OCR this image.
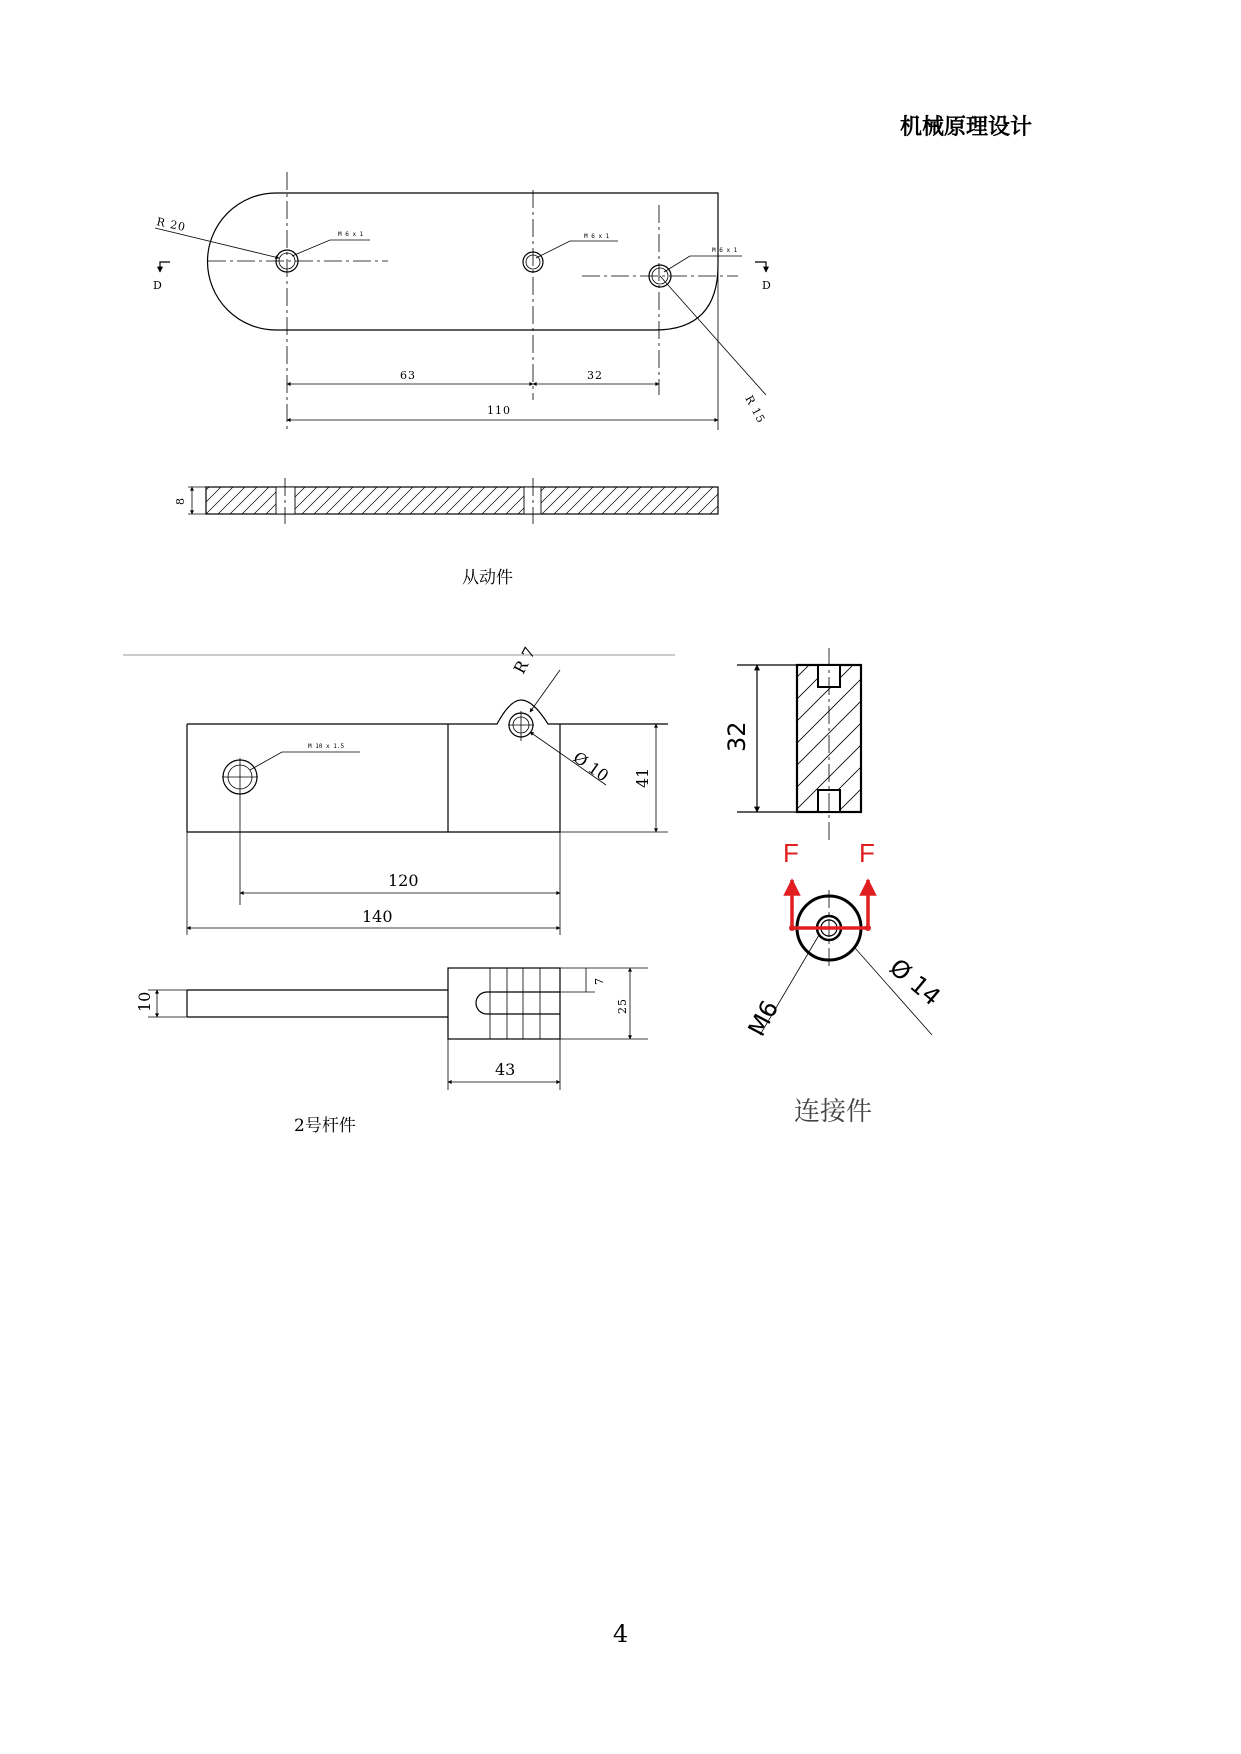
机械原理设计
M 6 x 1	M 6 x 1
M 6 x 1
R 20
R 15
D	D
63	32
110
8
从动件
M 10 x 1.5
R 7
Ø 10 41
120
140
10
7
25
43
2号杆件
32
F F
M6
Ø 14
连接件
4
